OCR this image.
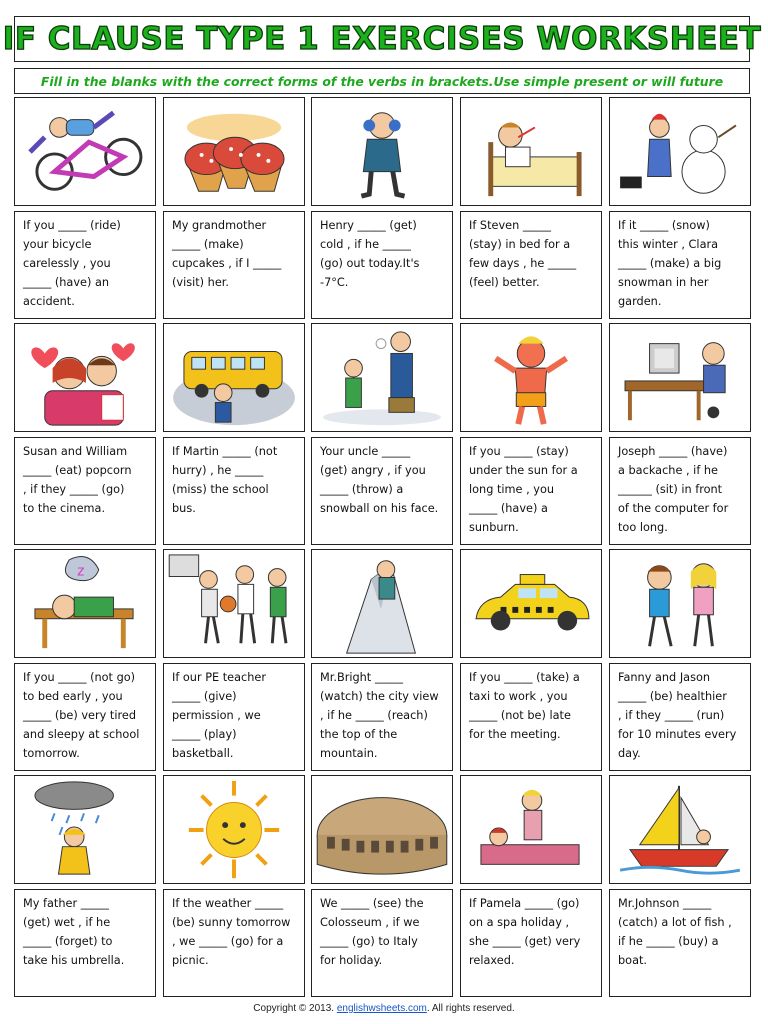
IF CLAUSE TYPE 1 EXERCISES WORKSHEET
Fill in the blanks with the correct forms of the verbs in brackets.Use simple present or will future
If you _____ (ride)
your bicycle
carelessly , you
_____ (have) an
accident.
My grandmother
_____ (make)
cupcakes , if I _____
(visit) her.
Henry _____ (get)
cold , if he _____
(go) out today.It's
-7°C.
If Steven _____
(stay) in bed for a
few days , he _____
(feel) better.
If it _____ (snow)
this winter , Clara
_____ (make) a big
snowman in her
garden.
Susan and William
_____ (eat) popcorn
, if they _____ (go)
to the cinema.
If Martin _____ (not
hurry) , he _____
(miss) the school
bus.
Your uncle _____
(get) angry , if you
_____ (throw) a
snowball on his face.
If you _____ (stay)
under the sun for a
long time , you
_____ (have) a
sunburn.
Joseph _____ (have)
a backache , if he
______ (sit) in front
of the computer for
too long.
z
If you _____ (not go)
to bed early , you
_____ (be) very tired
and sleepy at school
tomorrow.
If our PE teacher
_____ (give)
permission , we
_____ (play)
basketball.
Mr.Bright _____
(watch) the city view
, if he _____ (reach)
the top of the
mountain.
If you _____ (take) a
taxi to work , you
_____ (not be) late
for the meeting.
Fanny and Jason
_____ (be) healthier
, if they _____ (run)
for 10 minutes every
day.
My father _____
(get) wet , if he
_____ (forget) to
take his umbrella.
If the weather _____
(be) sunny tomorrow
, we _____ (go) for a
picnic.
We _____ (see) the
Colosseum , if we
_____ (go) to Italy
for holiday.
If Pamela _____ (go)
on a spa holiday ,
she _____ (get) very
relaxed.
Mr.Johnson _____
(catch) a lot of fish ,
if he _____ (buy) a
boat.
Copyright © 2013. englishwsheets.com. All rights reserved.
